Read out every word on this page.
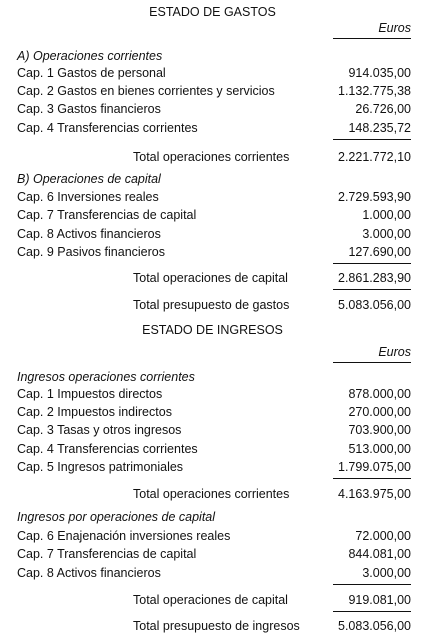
ESTADO DE GASTOS
Euros
A) Operaciones corrientes
Cap. 1 Gastos de personal	914.035,00
Cap. 2 Gastos en bienes corrientes y servicios	1.132.775,38
Cap. 3 Gastos financieros	26.726,00
Cap. 4 Transferencias corrientes	148.235,72
Total operaciones corrientes	2.221.772,10
B) Operaciones de capital
Cap. 6 Inversiones reales	2.729.593,90
Cap. 7 Transferencias de capital	1.000,00
Cap. 8 Activos financieros	3.000,00
Cap. 9 Pasivos financieros	127.690,00
Total operaciones de capital	2.861.283,90
Total presupuesto de gastos	5.083.056,00
ESTADO DE INGRESOS
Euros
Ingresos operaciones corrientes
Cap. 1 Impuestos directos	878.000,00
Cap. 2 Impuestos indirectos	270.000,00
Cap. 3 Tasas y otros ingresos	703.900,00
Cap. 4 Transferencias corrientes	513.000,00
Cap. 5 Ingresos patrimoniales	1.799.075,00
Total operaciones corrientes	4.163.975,00
Ingresos por operaciones de capital
Cap. 6 Enajenación inversiones reales	72.000,00
Cap. 7 Transferencias de capital	844.081,00
Cap. 8 Activos financieros	3.000,00
Total operaciones de capital	919.081,00
Total presupuesto de ingresos	5.083.056,00
